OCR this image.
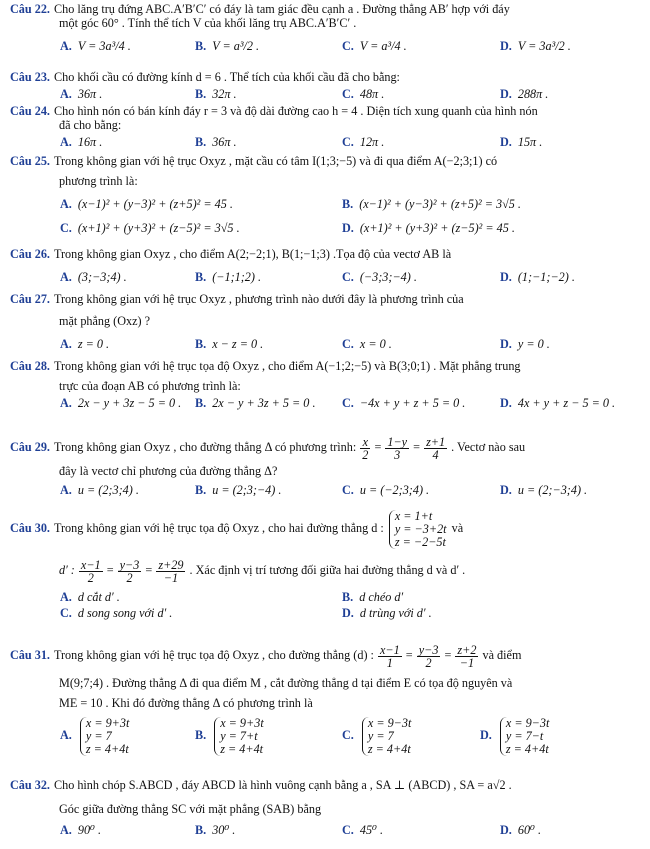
Câu 22. Cho lăng trụ đứng ABC.A′B′C′ có đáy là tam giác đều cạnh a . Đường thẳng AB′ hợp với đáy
một góc 60° . Tính thể tích V của khối lăng trụ ABC.A′B′C′ .
A. V = 3a³/4 .	B. V = a³/2 .	C. V = a³/4 .	D. V = 3a³/2 .
Câu 23. Cho khối cầu có đường kính d = 6 . Thể tích của khối cầu đã cho bằng:
A. 36π .	B. 32π .	C. 48π .	D. 288π .
Câu 24. Cho hình nón có bán kính đáy r = 3 và độ dài đường cao h = 4 . Diện tích xung quanh của hình nón
đã cho bằng:
A. 16π .	B. 36π .	C. 12π .	D. 15π .
Câu 25. Trong không gian với hệ trục Oxyz , mặt cầu có tâm I(1;3;−5) và đi qua điểm A(−2;3;1) có
phương trình là:
A. (x−1)² + (y−3)² + (z+5)² = 45 .	B. (x−1)² + (y−3)² + (z+5)² = 3√5 .
C. (x+1)² + (y+3)² + (z−5)² = 3√5 .	D. (x+1)² + (y+3)² + (z−5)² = 45 .
Câu 26. Trong không gian Oxyz , cho điểm A(2;−2;1), B(1;−1;3) .Tọa độ của vectơ AB là
A. (3;−3;4) .	B. (−1;1;2) .	C. (−3;3;−4) .	D. (1;−1;−2) .
Câu 27. Trong không gian với hệ trục Oxyz , phương trình nào dưới đây là phương trình của
mặt phẳng (Oxz) ?
A. z = 0 .	B. x − z = 0 .	C. x = 0 .	D. y = 0 .
Câu 28. Trong không gian với hệ trục tọa độ Oxyz , cho điểm A(−1;2;−5) và B(3;0;1) . Mặt phẳng trung
trực của đoạn AB có phương trình là:
A. 2x − y + 3z − 5 = 0 . B. 2x − y + 3z + 5 = 0 . C. −4x + y + z + 5 = 0 .	D. 4x + y + z − 5 = 0 .
Câu 29. Trong không gian Oxyz , cho đường thẳng Δ có phương trình: $\frac{x}{2} = \frac{1-y}{3} = \frac{z+1}{4}$ . Vectơ nào sau
đây là vectơ chỉ phương của đường thẳng Δ?
A. u = (2;3;4) .	B. u = (2;3;−4) .	C. u = (−2;3;4) .	D. u = (2;−3;4) .
Câu 30. Trong không gian với hệ trục tọa độ Oxyz , cho hai đường thẳng d :
x = 1+t
y = −3+2t
z = −2−5t
và
d′ : $\frac{x-1}{2} = \frac{y-3}{2} = \frac{z+29}{-1}$ . Xác định vị trí tương đối giữa hai đường thẳng d và d′ .
A. d cắt d′ .	B. d chéo d′
C. d song song với d′ .	D. d trùng với d′ .
Câu 31. Trong không gian với hệ trục tọa độ Oxyz , cho đường thẳng (d) : $\frac{x-1}{1} = \frac{y-3}{2} = \frac{z+2}{-1}$ và điểm
M(9;7;4) . Đường thẳng Δ đi qua điểm M , cắt đường thẳng d tại điểm E có tọa độ nguyên và
ME = 10 . Khi đó đường thẳng Δ có phương trình là
A.
x = 9+3t
y = 7
z = 4+4t
B.
x = 9+3t
y = 7+t
z = 4+4t
C.
x = 9−3t
y = 7
z = 4+4t
D.
x = 9−3t
y = 7−t
z = 4+4t
Câu 32. Cho hình chóp S.ABCD , đáy ABCD là hình vuông cạnh bằng a , SA ⊥ (ABCD) , SA = a√2 .
Góc giữa đường thẳng SC với mặt phẳng (SAB) bằng
A. 90⁰ .	B. 30⁰ .	C. 45⁰ .	D. 60⁰ .
